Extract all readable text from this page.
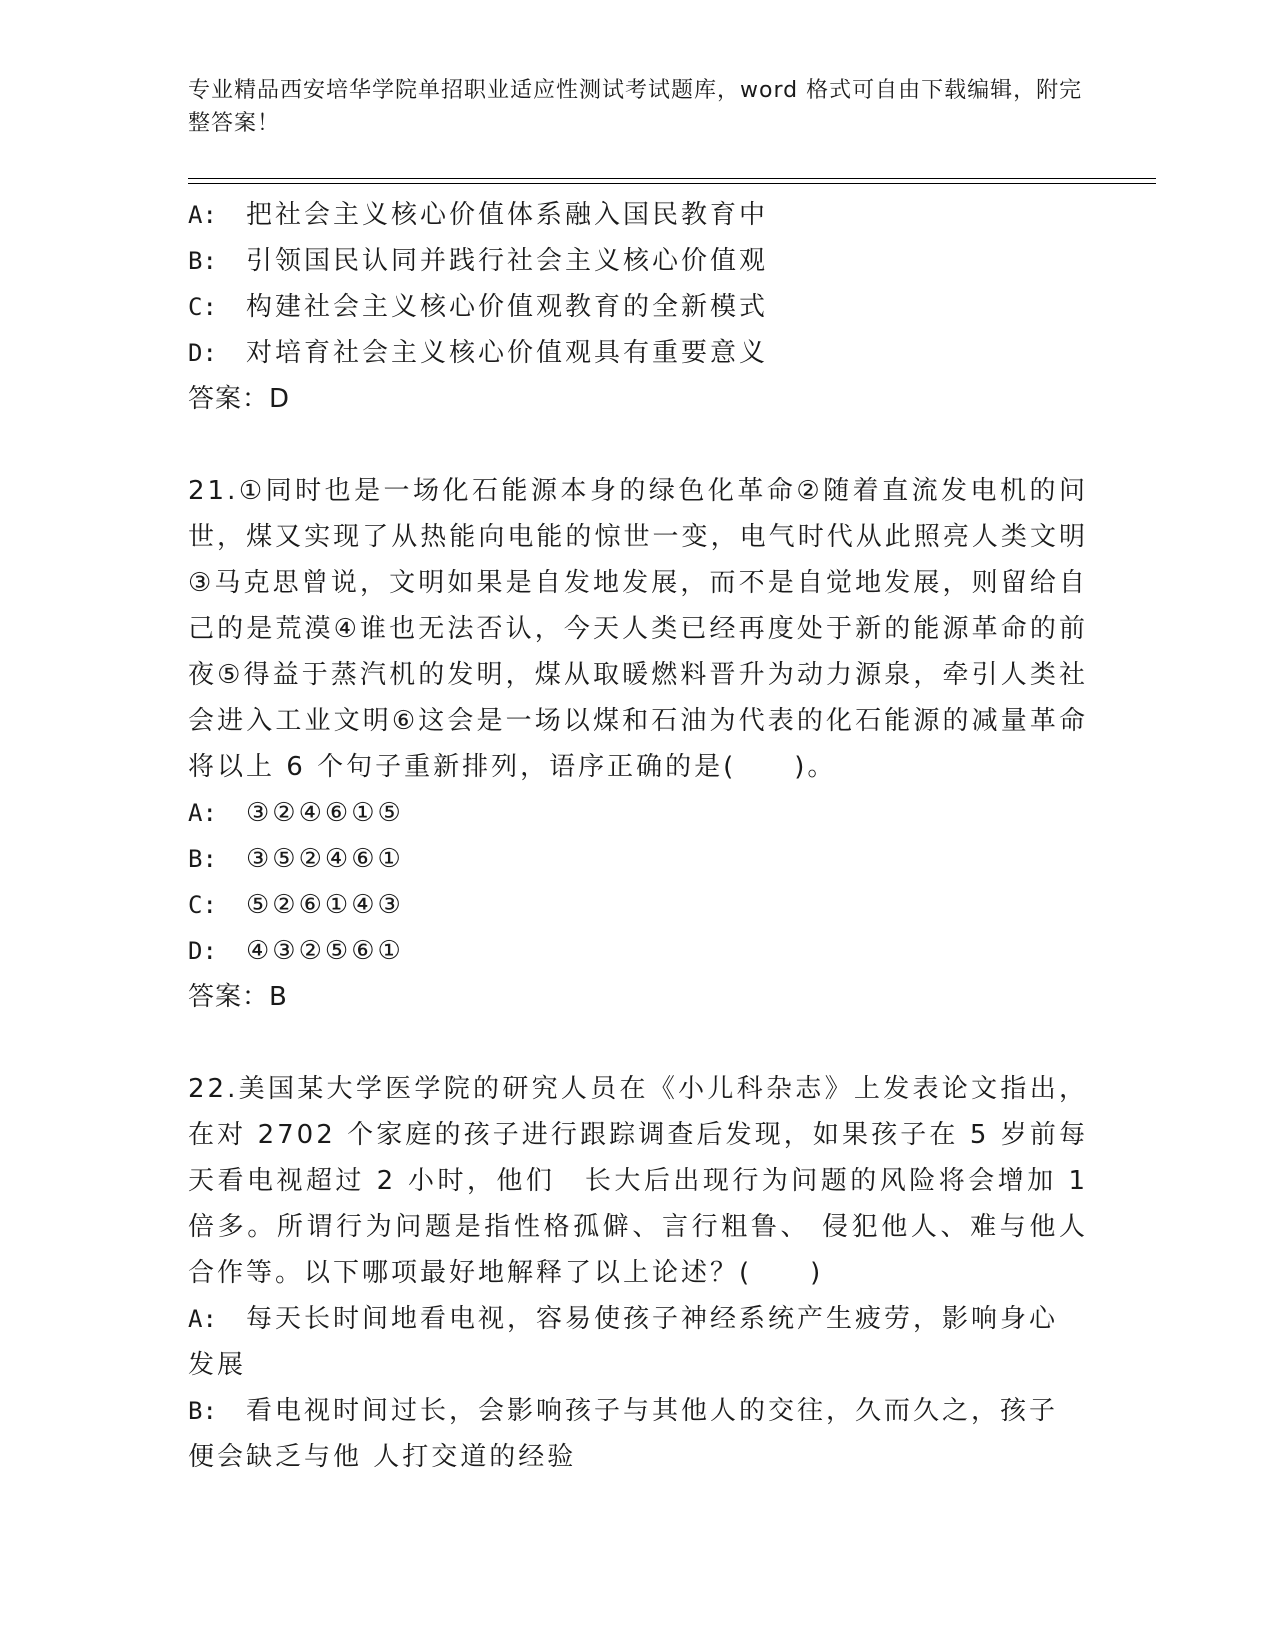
专业精品西安培华学院单招职业适应性测试考试题库，word 格式可自由下载编辑，附完整答案！
A:	把社会主义核心价值体系融入国民教育中
B:	引领国民认同并践行社会主义核心价值观
C:	构建社会主义核心价值观教育的全新模式
D:	对培育社会主义核心价值观具有重要意义

答案：D

21.①同时也是一场化石能源本身的绿色化革命②随着直流发电机的问世，煤又实现了从热能向电能的惊世一变，电气时代从此照亮人类文明③马克思曾说，文明如果是自发地发展，而不是自觉地发展，则留给自己的是荒漠④谁也无法否认，今天人类已经再度处于新的能源革命的前夜⑤得益于蒸汽机的发明，煤从取暖燃料晋升为动力源泉，牵引人类社会进入工业文明⑥这会是一场以煤和石油为代表的化石能源的减量革命将以上 6 个句子重新排列，语序正确的是(　　)。

A:	③②④⑥①⑤
B:	③⑤②④⑥①
C:	⑤②⑥①④③
D:	④③②⑤⑥①

答案：B

22.美国某大学医学院的研究人员在《小儿科杂志》上发表论文指出，在对 2702 个家庭的孩子进行跟踪调查后发现，如果孩子在 5 岁前每天看电视超过 2 小时，他们　长大后出现行为问题的风险将会增加 1 倍多。所谓行为问题是指性格孤僻、言行粗鲁、 侵犯他人、难与他人合作等。以下哪项最好地解释了以上论述？(　　)

A:	每天长时间地看电视，容易使孩子神经系统产生疲劳，影响身心

发展

B:	看电视时间过长，会影响孩子与其他人的交往，久而久之，孩子

便会缺乏与他 人打交道的经验
